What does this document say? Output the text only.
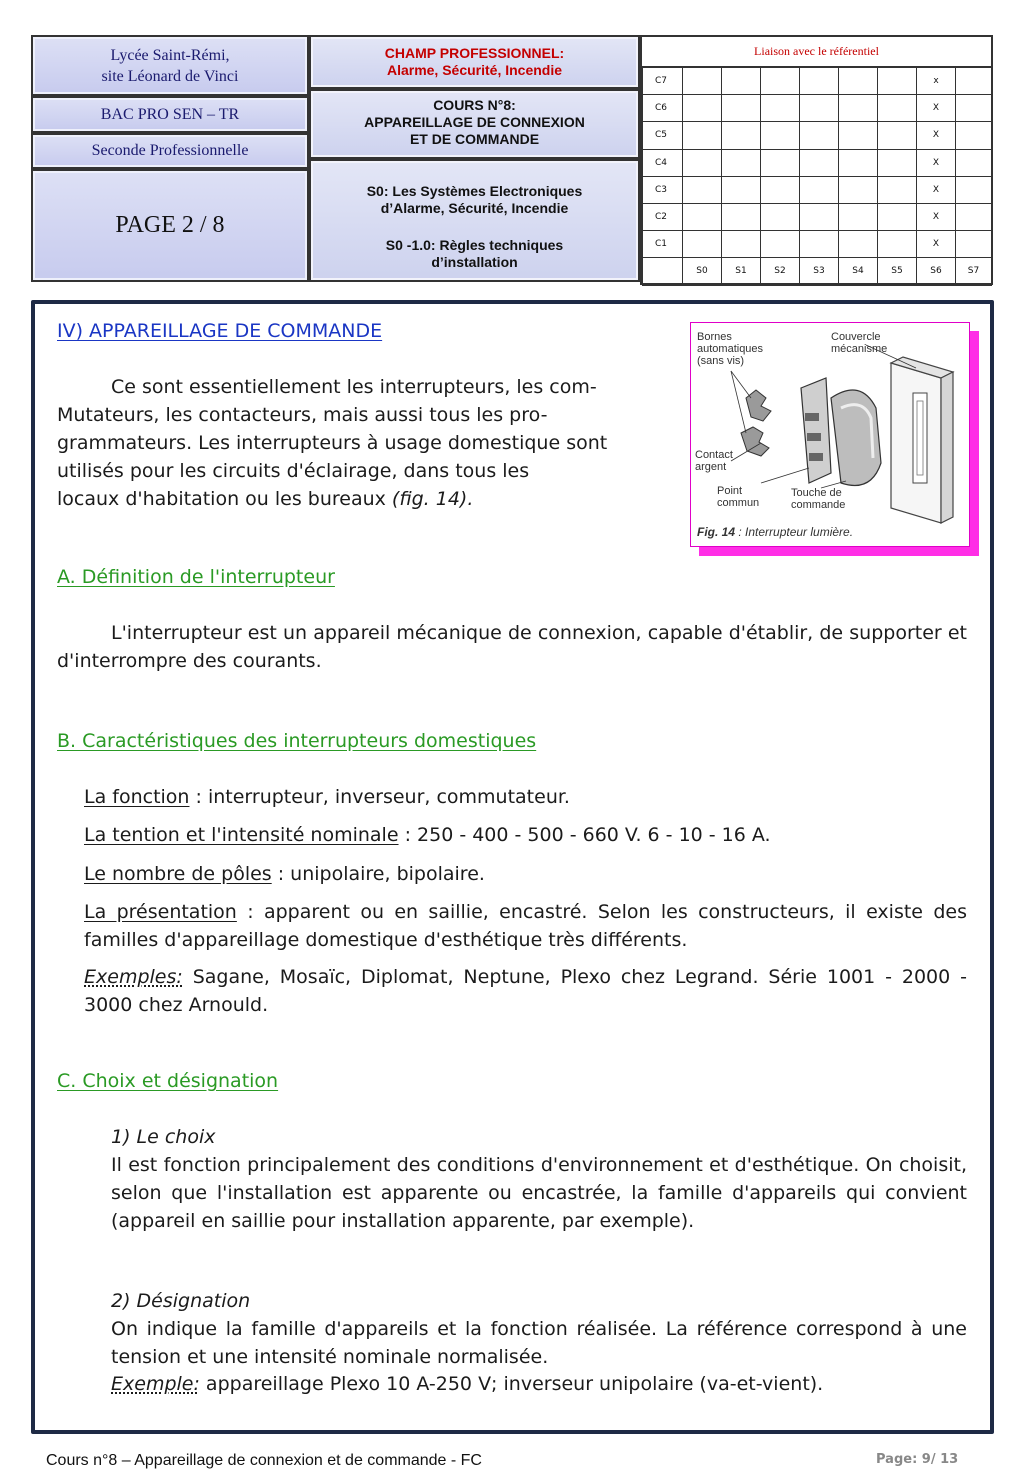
Lycée Saint-Rémi,
site Léonard de Vinci
BAC PRO SEN – TR
Seconde Professionnelle
PAGE 2 / 8
CHAMP PROFESSIONNEL:
Alarme, Sécurité, Incendie
COURS N°8:
APPAREILLAGE DE CONNEXION
ET DE COMMANDE
S0: Les Systèmes Electroniques
d’Alarme, Sécurité, Incendie
S0 -1.0: Règles techniques
d’installation
Liaison avec le référentiel
C7							x	
C6							X	
C5							X	
C4							X	
C3							X	
C2							X	
C1							X	
	S0	S1	S2	S3	S4	S5	S6	S7
IV) APPAREILLAGE DE COMMANDE
Ce sont essentiellement les interrupteurs, les com-
Mutateurs, les contacteurs, mais aussi tous les pro-
grammateurs. Les interrupteurs à usage domestique sont
utilisés pour les circuits d'éclairage, dans tous les
locaux d'habitation ou les bureaux (fig. 14).
Bornes
automatiques
(sans vis)
Couvercle
mécanisme
Contact
argent
Point
commun
Touche de
commande
Fig. 14 : Interrupteur lumière.
A. Définition de l'interrupteur
L'interrupteur est un appareil mécanique de connexion, capable d'établir, de supporter et d'interrompre des courants.
B. Caractéristiques des interrupteurs domestiques
La fonction : interrupteur, inverseur, commutateur.
La tention et l'intensité nominale : 250 - 400 - 500 - 660 V. 6 - 10 - 16 A.
Le nombre de pôles : unipolaire, bipolaire.
La présentation : apparent ou en saillie, encastré. Selon les constructeurs, il existe des familles d'appareillage domestique d'esthétique très différents.
Exemples: Sagane, Mosaïc, Diplomat, Neptune, Plexo chez Legrand. Série 1001 - 2000 - 3000 chez Arnould.
C. Choix et désignation
1) Le choix
Il est fonction principalement des conditions d'environnement et d'esthétique. On choisit, selon que l'installation est apparente ou encastrée, la famille d'appareils qui convient (appareil en saillie pour installation apparente, par exemple).
2) Désignation
On indique la famille d'appareils et la fonction réalisée. La référence correspond à une tension et une intensité nominale normalisée.
Exemple: appareillage Plexo 10 A-250 V; inverseur unipolaire (va-et-vient).
Cours n°8 – Appareillage de connexion et de commande - FC	Page: 9/ 13
